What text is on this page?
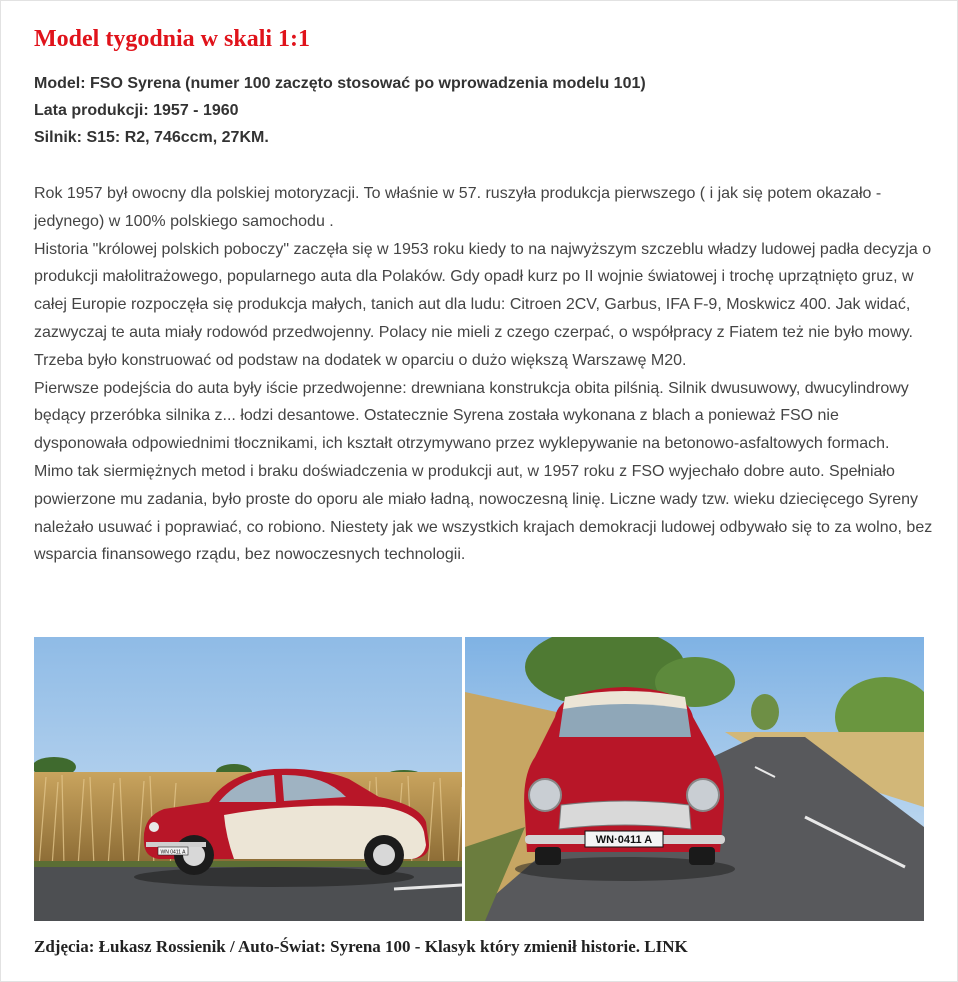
Model tygodnia w skali 1:1
Model: FSO Syrena (numer 100 zaczęto stosować po wprowadzenia modelu 101)
Lata produkcji: 1957 - 1960
Silnik: S15: R2, 746ccm, 27KM.

Rok 1957 był owocny dla polskiej motoryzacji. To właśnie w 57. ruszyła produkcja pierwszego ( i jak się potem okazało - jedynego) w 100% polskiego samochodu .

Historia "królowej polskich poboczy" zaczęła się w 1953 roku kiedy to na najwyższym szczeblu władzy ludowej padła decyzja o produkcji małolitrażowego, popularnego auta dla Polaków. Gdy opadł kurz po II wojnie światowej i trochę uprzątnięto gruz, w całej Europie rozpoczęła się produkcja małych, tanich aut dla ludu: Citroen 2CV, Garbus, IFA F-9, Moskwicz 400. Jak widać, zazwyczaj te auta miały rodowód przedwojenny. Polacy nie mieli z czego czerpać, o współpracy z Fiatem też nie było mowy. Trzeba było konstruować od podstaw na dodatek w oparciu o dużo większą Warszawę M20.

Pierwsze podejścia do auta były iście przedwojenne: drewniana konstrukcja obita pilśnią. Silnik dwusuwowy, dwucylindrowy będący przeróbka silnika z... łodzi desantowe. Ostatecznie Syrena została wykonana z blach a ponieważ FSO nie dysponowała odpowiednimi tłocznikami, ich kształt otrzymywano przez wyklepywanie na betonowo-asfaltowych formach.

Mimo tak siermiężnych metod i braku doświadczenia w produkcji aut, w 1957 roku z FSO wyjechało dobre auto. Spełniało powierzone mu zadania, było proste do oporu ale miało ładną, nowoczesną linię. Liczne wady tzw. wieku dziecięcego Syreny należało usuwać i poprawiać, co robiono. Niestety jak we wszystkich krajach demokracji ludowej odbywało się to za wolno, bez wsparcia finansowego rządu, bez nowoczesnych technologii.

WN 0411 A
WN·0411 A
Zdjęcia: Łukasz Rossienik / Auto-Świat: Syrena 100 - Klasyk który zmienił historie. LINK
